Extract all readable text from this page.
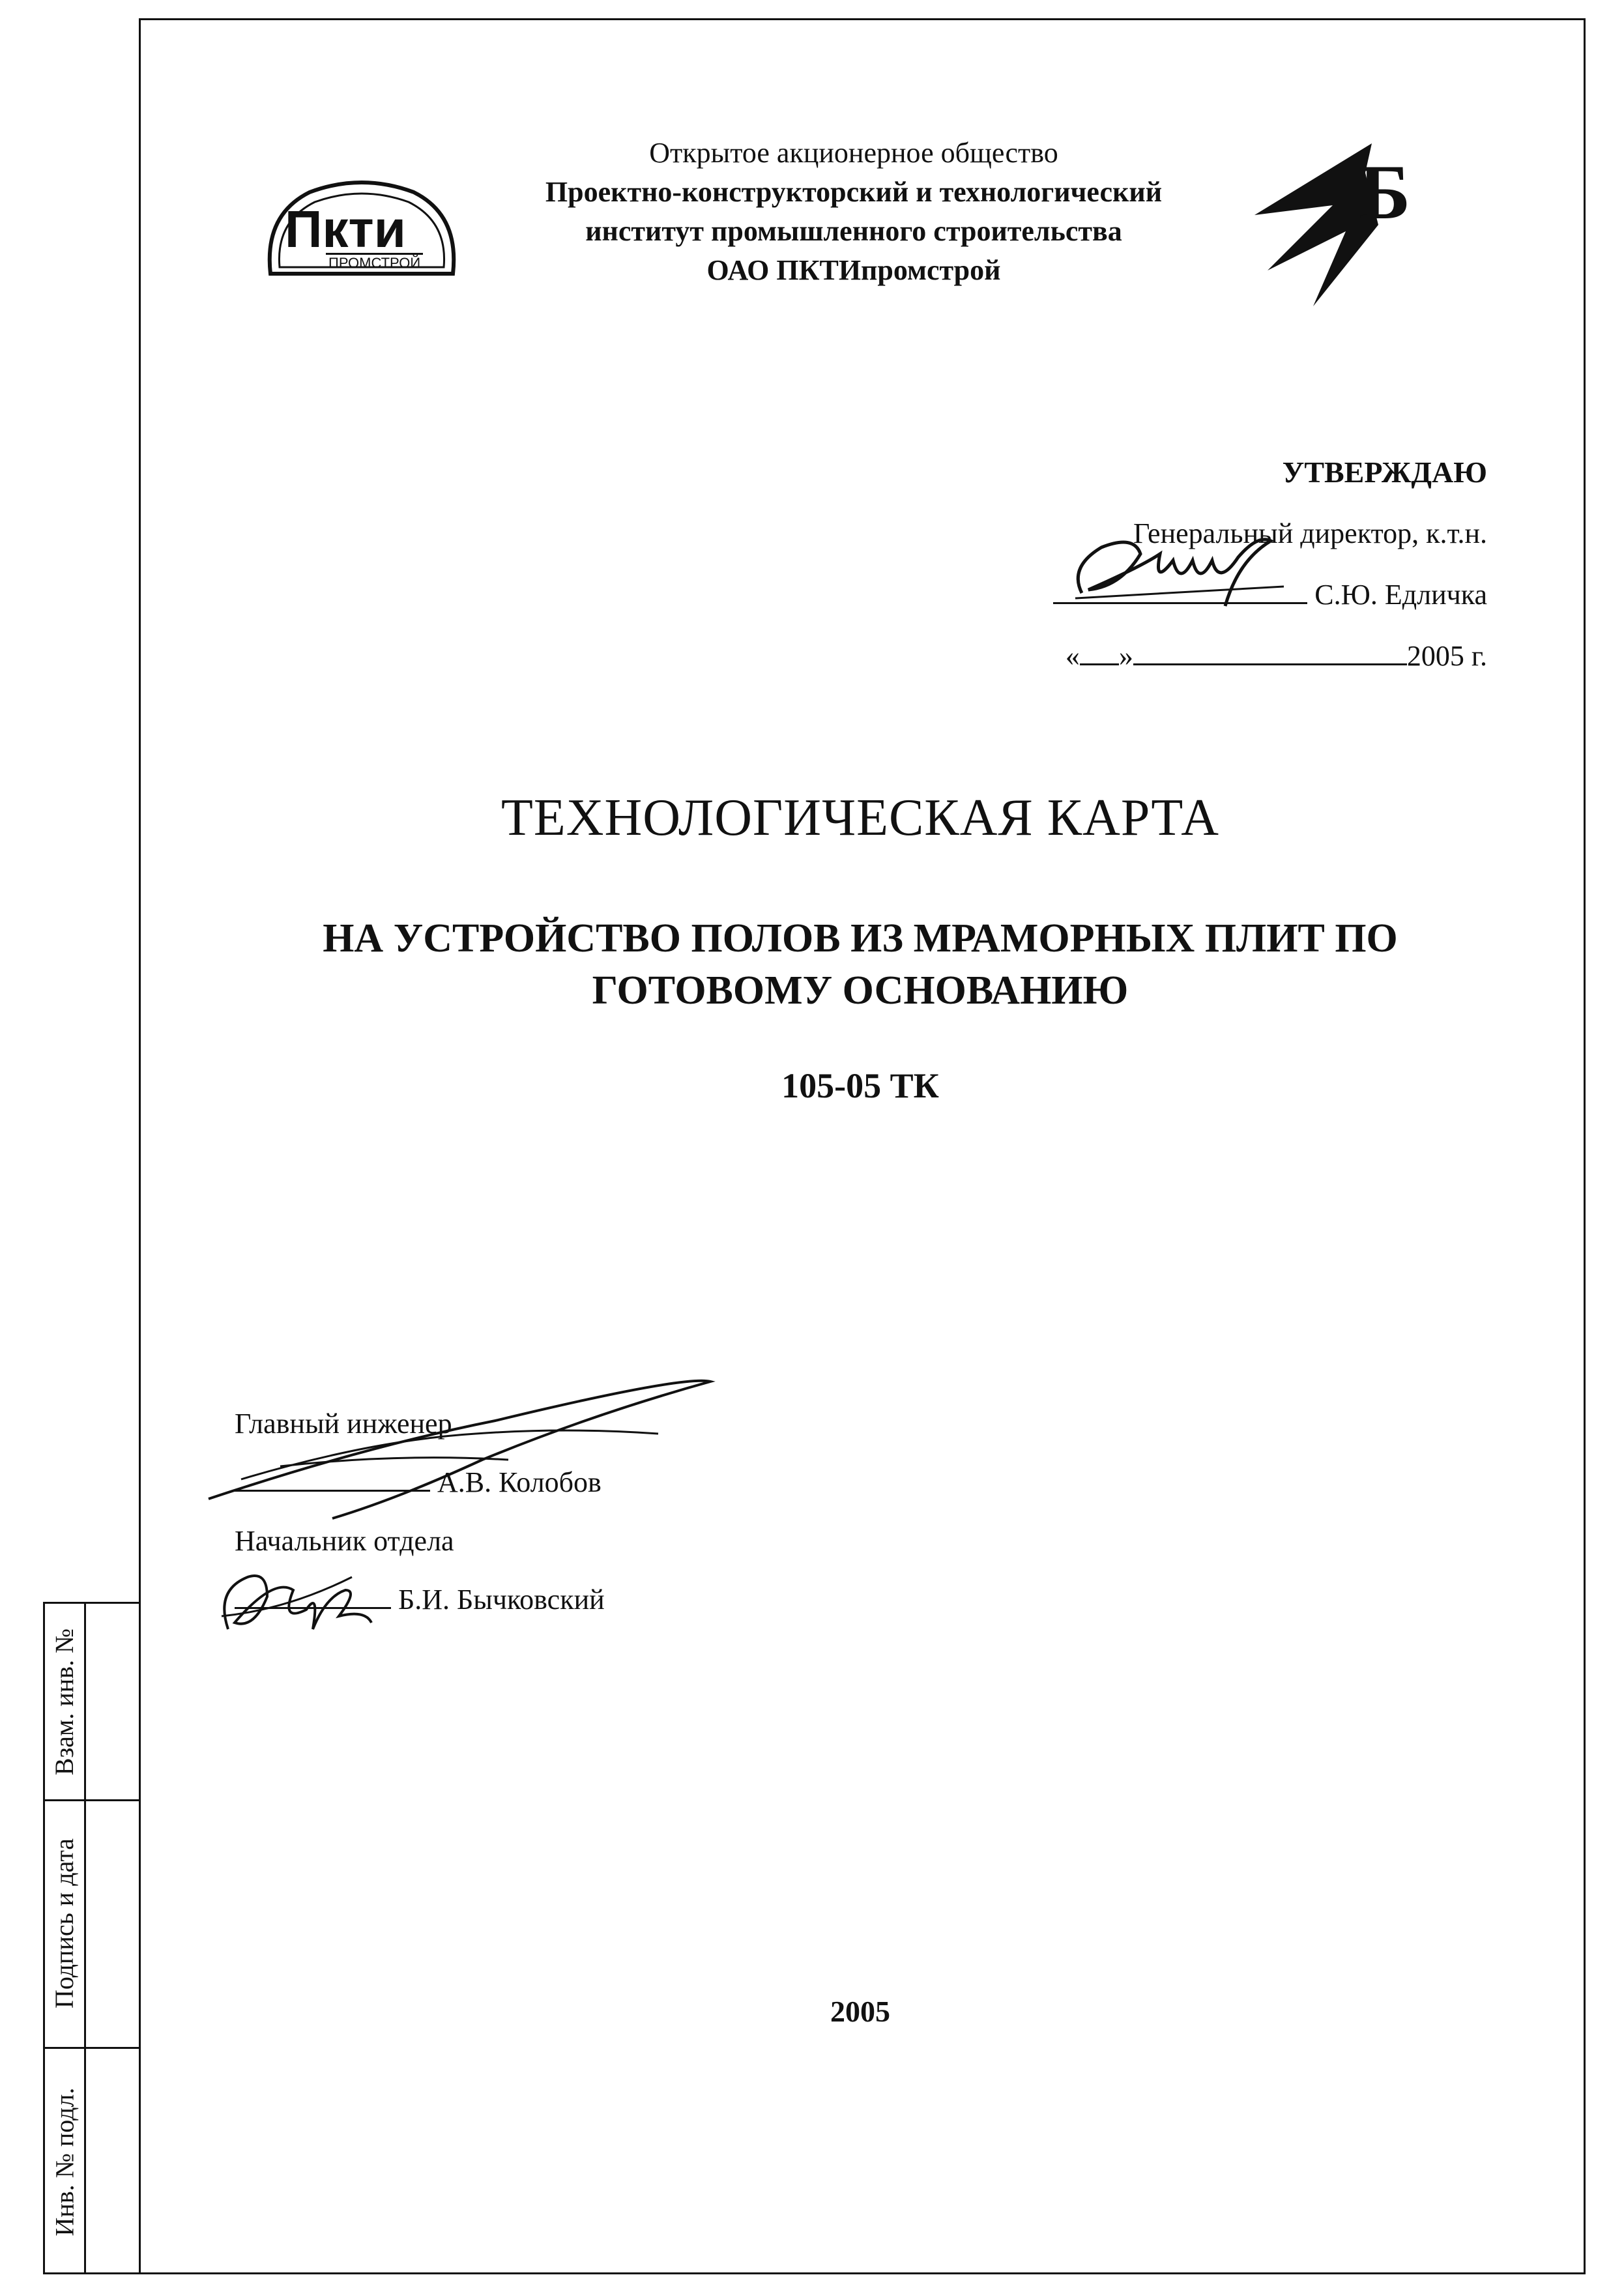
Взам. инв. №
Подпись и дата
Инв. № подл.
Пкти
ПРОМСТРОЙ
Открытое акционерное общество
Проектно-конструкторский и технологический
институт промышленного строительства
ОАО ПКТИпромстрой
Б
УТВЕРЖДАЮ
Генеральный директор, к.т.н.
С.Ю. Едличка
« »	2005 г.
ТЕХНОЛОГИЧЕСКАЯ КАРТА
НА УСТРОЙСТВО ПОЛОВ ИЗ МРАМОРНЫХ ПЛИТ ПО
ГОТОВОМУ ОСНОВАНИЮ
105-05 ТК
Главный инженер
А.В. Колобов
Начальник отдела
Б.И. Бычковский
2005
